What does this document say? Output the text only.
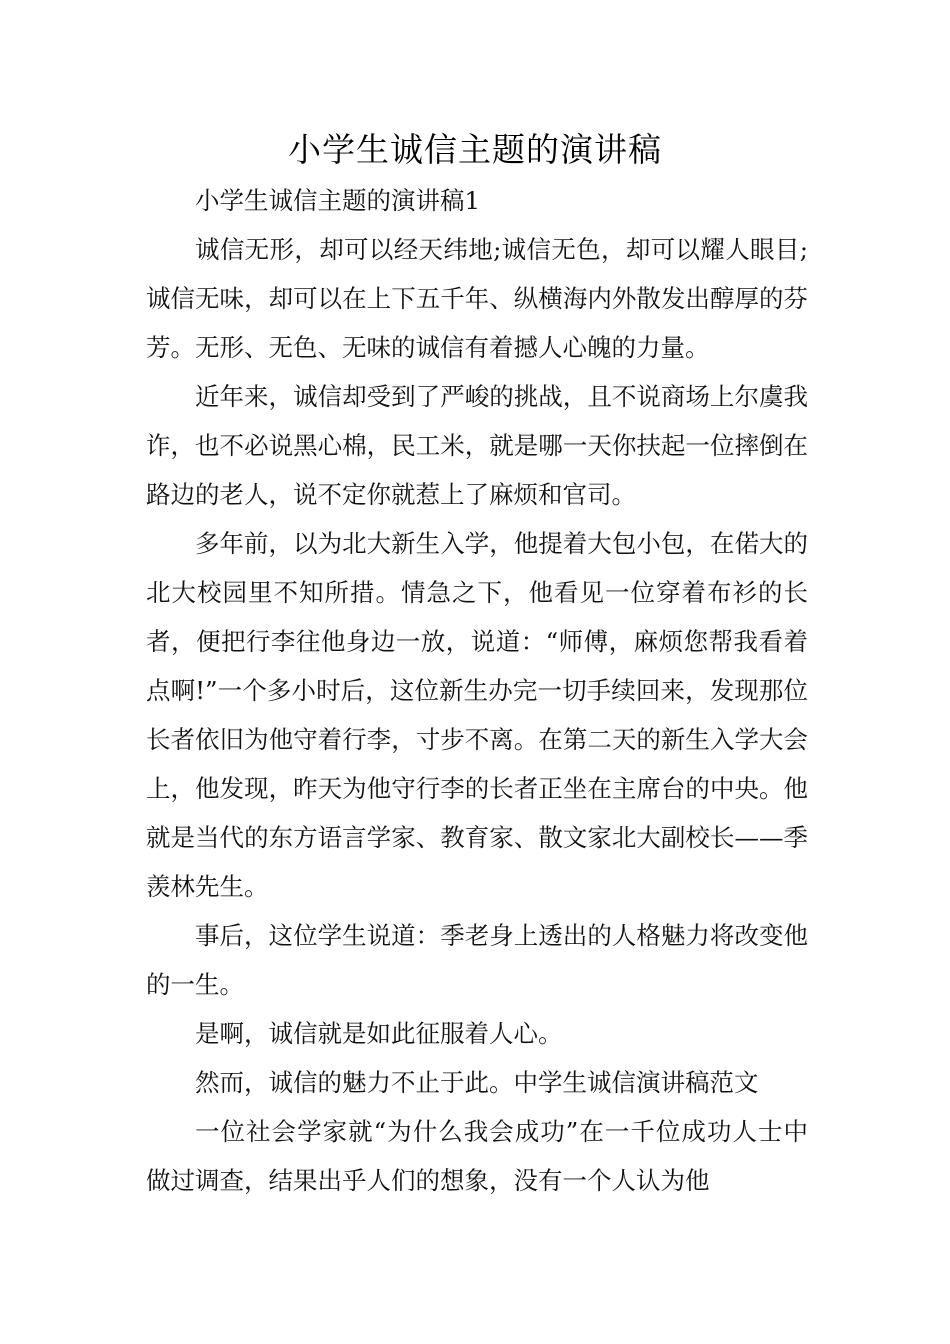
小学生诚信主题的演讲稿

小学生诚信主题的演讲稿1

诚信无形，却可以经天纬地;诚信无色，却可以耀人眼目;诚信无味，却可以在上下五千年、纵横海内外散发出醇厚的芬芳。无形、无色、无味的诚信有着撼人心魄的力量。

近年来，诚信却受到了严峻的挑战，且不说商场上尔虞我诈，也不必说黑心棉，民工米，就是哪一天你扶起一位摔倒在路边的老人，说不定你就惹上了麻烦和官司。

多年前，以为北大新生入学，他提着大包小包，在偌大的北大校园里不知所措。情急之下，他看见一位穿着布衫的长者，便把行李往他身边一放，说道：“师傅，麻烦您帮我看着点啊!”一个多小时后，这位新生办完一切手续回来，发现那位长者依旧为他守着行李，寸步不离。在第二天的新生入学大会上，他发现，昨天为他守行李的长者正坐在主席台的中央。他就是当代的东方语言学家、教育家、散文家北大副校长——季羡林先生。

事后，这位学生说道：季老身上透出的人格魅力将改变他的一生。

是啊，诚信就是如此征服着人心。

然而，诚信的魅力不止于此。中学生诚信演讲稿范文

一位社会学家就“为什么我会成功”在一千位成功人士中做过调查，结果出乎人们的想象，没有一个人认为他
